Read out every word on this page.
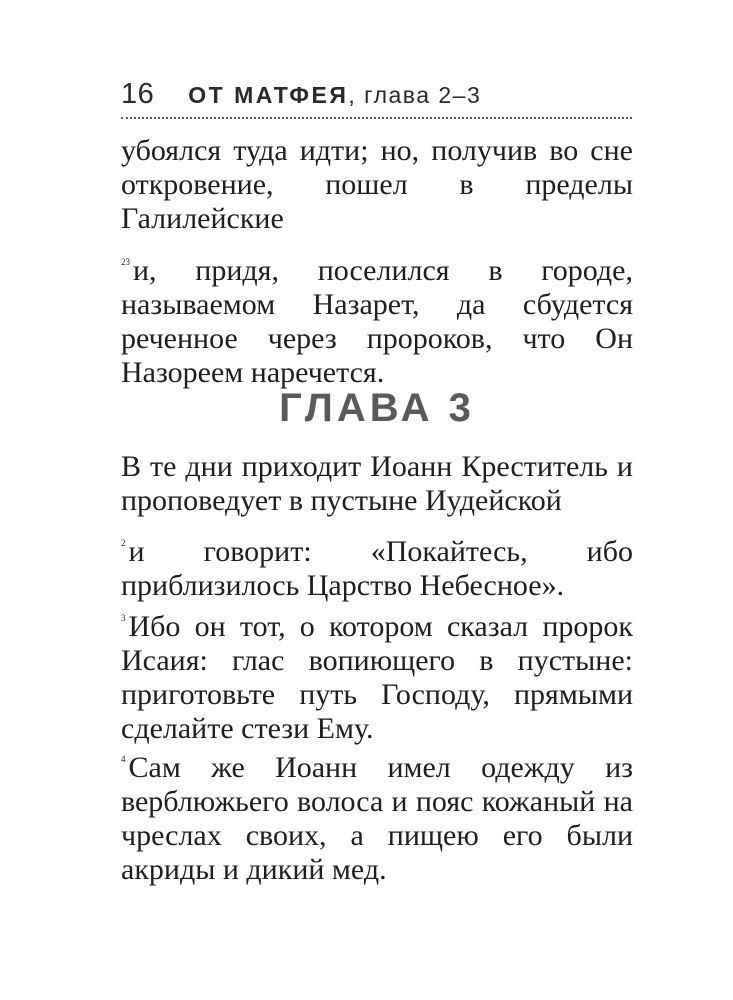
16 ОТ МАТФЕЯ , глава 2–3

убоялся туда идти; но, получив во сне откровение, пошел в пределы Галилейские

$^{23}$ и, придя, поселился в городе, называемом Назарет, да сбудется реченное через пророков, что Он Назореем наречется.

ГЛАВА 3

В те дни приходит Иоанн Креститель и проповедует в пустыне Иудейской

$^2$ и говорит: «Покайтесь, ибо приблизилось Царство Небесное».

$^3$ Ибо он тот, о котором сказал пророк Исаия: глас вопиющего в пустыне: приготовьте путь Господу, прямыми сделайте стези Ему.

$^4$ Сам же Иоанн имел одежду из верблюжьего волоса и пояс кожаный на чреслах своих, а пищею его были акриды и дикий мед.
